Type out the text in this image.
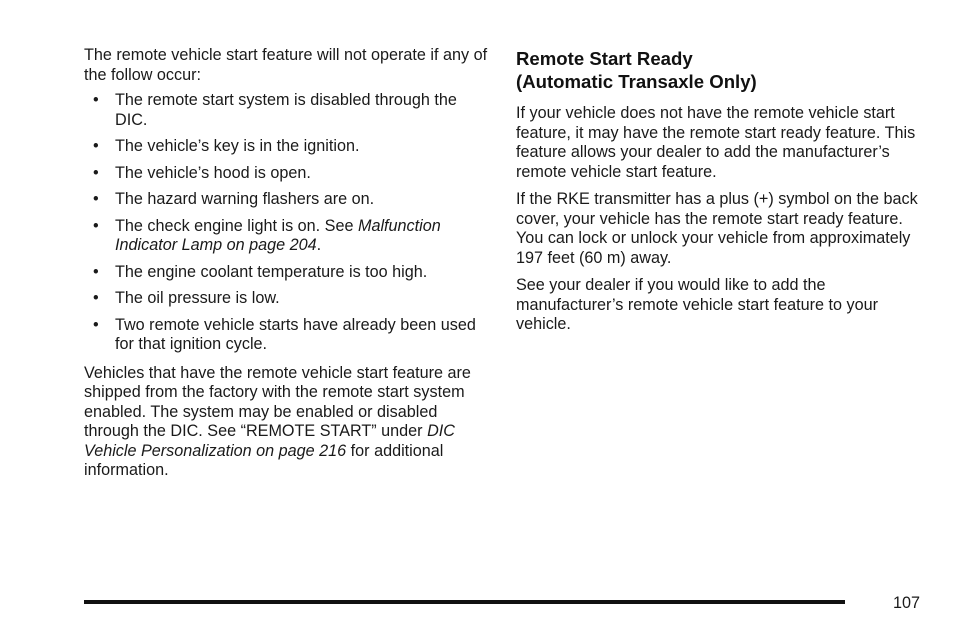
The remote vehicle start feature will not operate if any of the follow occur:

• The remote start system is disabled through the DIC.
• The vehicle’s key is in the ignition.
• The vehicle’s hood is open.
• The hazard warning flashers are on.
• The check engine light is on. See Malfunction Indicator Lamp on page 204.
• The engine coolant temperature is too high.
• The oil pressure is low.
• Two remote vehicle starts have already been used for that ignition cycle.

Vehicles that have the remote vehicle start feature are shipped from the factory with the remote start system enabled. The system may be enabled or disabled through the DIC. See “REMOTE START” under DIC Vehicle Personalization on page 216 for additional information.

Remote Start Ready
(Automatic Transaxle Only)

If your vehicle does not have the remote vehicle start feature, it may have the remote start ready feature. This feature allows your dealer to add the manufacturer’s remote vehicle start feature.

If the RKE transmitter has a plus (+) symbol on the back cover, your vehicle has the remote start ready feature. You can lock or unlock your vehicle from approximately 197 feet (60 m) away.

See your dealer if you would like to add the manufacturer’s remote vehicle start feature to your vehicle.

107
